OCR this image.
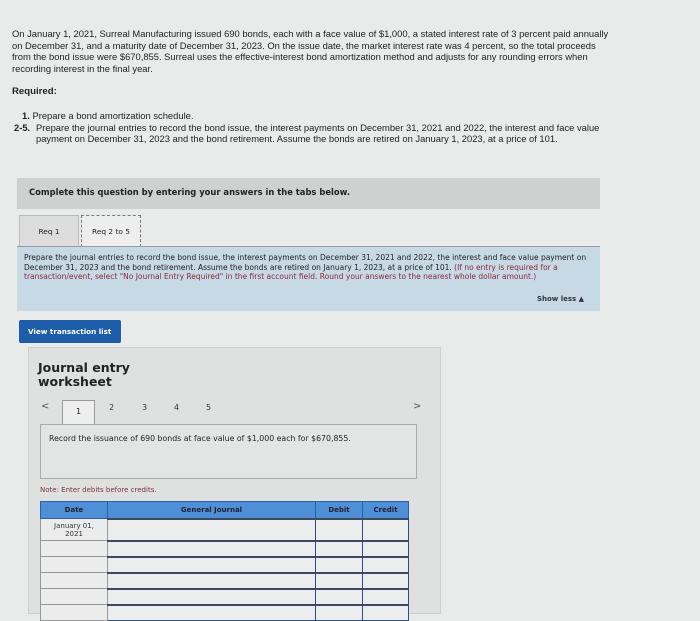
On January 1, 2021, Surreal Manufacturing issued 690 bonds, each with a face value of $1,000, a stated interest rate of 3 percent paid annually on December 31, and a maturity date of December 31, 2023. On the issue date, the market interest rate was 4 percent, so the total proceeds from the bond issue were $670,855. Surreal uses the effective-interest bond amortization method and adjusts for any rounding errors when recording interest in the final year.
Required:
1. Prepare a bond amortization schedule.
2-5. Prepare the journal entries to record the bond issue, the interest payments on December 31, 2021 and 2022, the interest and face value payment on December 31, 2023 and the bond retirement. Assume the bonds are retired on January 1, 2023, at a price of 101.
Complete this question by entering your answers in the tabs below.
Req 1	Req 2 to 5
Prepare the journal entries to record the bond issue, the interest payments on December 31, 2021 and 2022, the interest and face value payment on December 31, 2023 and the bond retirement. Assume the bonds are retired on January 1, 2023, at a price of 101. (If no entry is required for a transaction/event, select "No Journal Entry Required" in the first account field. Round your answers to the nearest whole dollar amount.)
Show less ▲
View transaction list
Journal entry
worksheet
<	1	2	3	4	5	>
Record the issuance of 690 bonds at face value of $1,000 each for $670,855.
Note: Enter debits before credits.
Date	General Journal	Debit	Credit

January 01,
2021			
